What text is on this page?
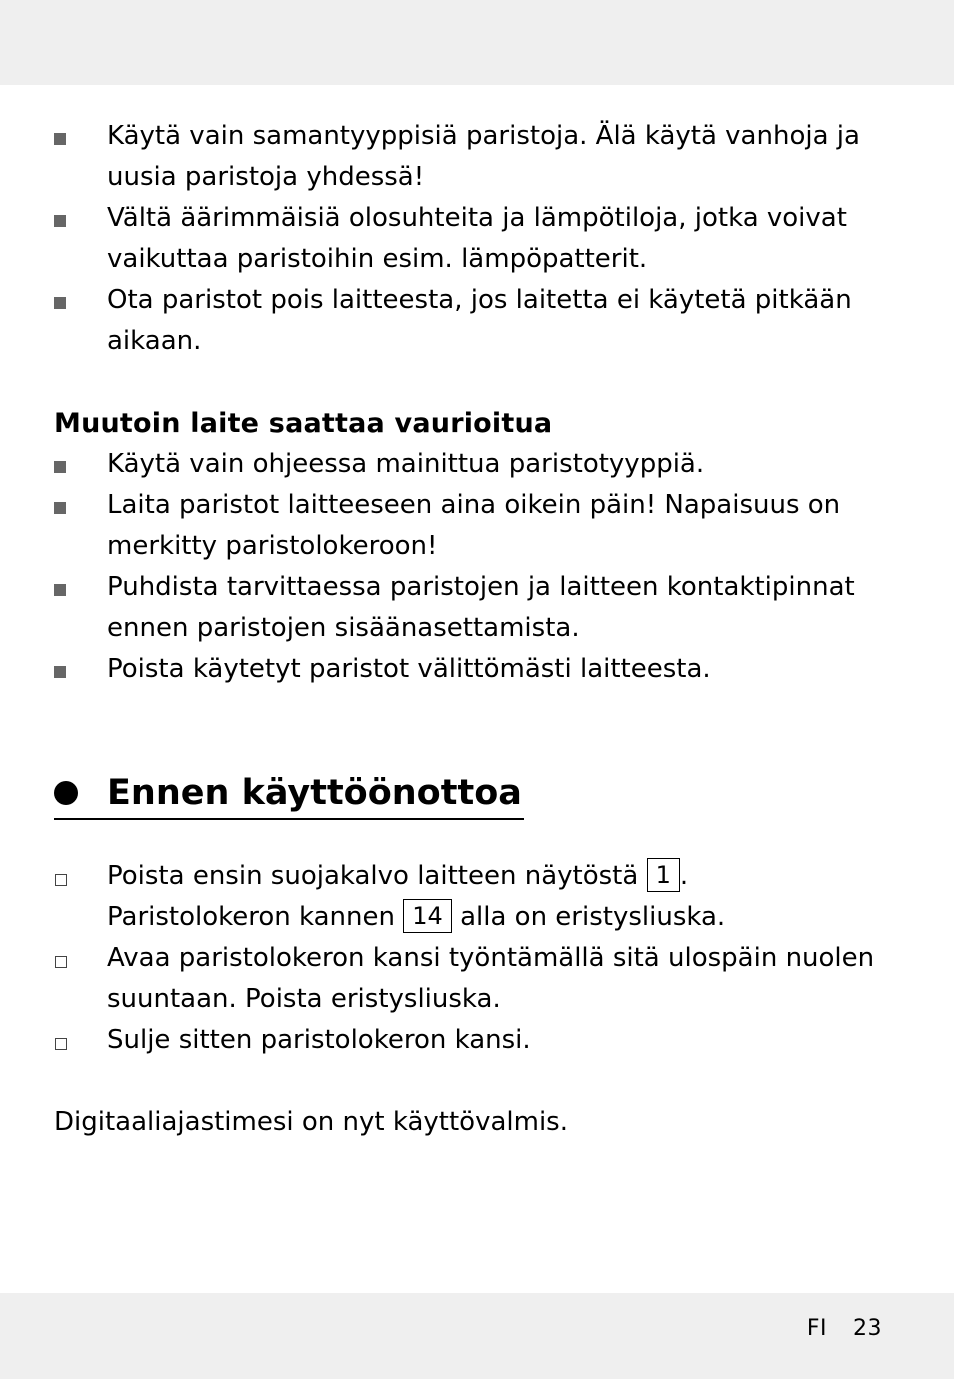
Käytä vain samantyyppisiä paristoja. Älä käytä vanhoja ja uusia paristoja yhdessä!
Vältä äärimmäisiä olosuhteita ja lämpötiloja, jotka voivat vaikuttaa paristoihin esim. lämpöpatterit.
Ota paristot pois laitteesta, jos laitetta ei käytetä pitkään aikaan.
Muutoin laite saattaa vaurioitua
Käytä vain ohjeessa mainittua paristotyyppiä.
Laita paristot laitteeseen aina oikein päin! Napaisuus on merkitty paristolokeroon!
Puhdista tarvittaessa paristojen ja laitteen kontaktipinnat ennen paristojen sisäänasettamista.
Poista käytetyt paristot välittömästi laitteesta.
Ennen käyttöönottoa
Poista ensin suojakalvo laitteen näytöstä 1 .
Paristolokeron kannen 14 alla on eristysliuska.
Avaa paristolokeron kansi työntämällä sitä ulospäin nuolen suuntaan. Poista eristysliuska.
Sulje sitten paristolokeron kansi.

Digitaaliajastimesi on nyt käyttövalmis.

FI 23
